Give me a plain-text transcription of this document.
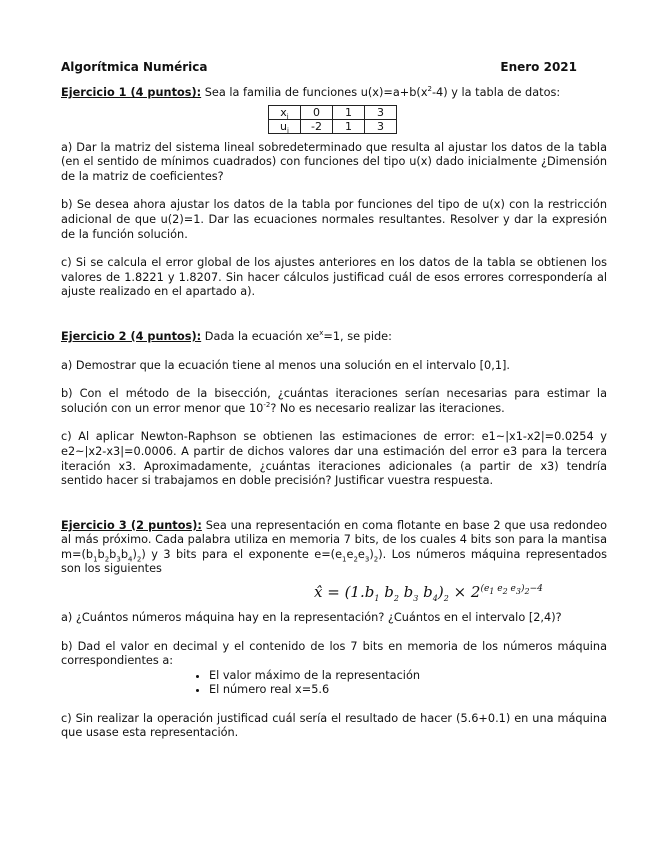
Algorítmica Numérica	Enero 2021

Ejercicio 1 (4 puntos): Sea la familia de funciones $u(x)=a+b(x^2-4)$ y la tabla de datos:

$x_i$	0	1	3
$u_i$	-2	1	3

a) Dar la matriz del sistema lineal sobredeterminado que resulta al ajustar los datos de la tabla (en el sentido de mínimos cuadrados) con funciones del tipo u(x) dado inicialmente ¿Dimensión de la matriz de coeficientes?

b) Se desea ahora ajustar los datos de la tabla por funciones del tipo de u(x) con la restricción adicional de que u(2)=1. Dar las ecuaciones normales resultantes. Resolver y dar la expresión de la función solución.

c) Si se calcula el error global de los ajustes anteriores en los datos de la tabla se obtienen los valores de 1.8221 y 1.8207. Sin hacer cálculos justificad cuál de esos errores correspondería al ajuste realizado en el apartado a).

Ejercicio 2 (4 puntos): Dada la ecuación $xe^x=1$, se pide:

a) Demostrar que la ecuación tiene al menos una solución en el intervalo [0,1].

b) Con el método de la bisección, ¿cuántas iteraciones serían necesarias para estimar la solución con un error menor que $10^{-2}$? No es necesario realizar las iteraciones.

c) Al aplicar Newton-Raphson se obtienen las estimaciones de error: e1~|x1-x2|=0.0254 y e2~|x2-x3|=0.0006. A partir de dichos valores dar una estimación del error e3 para la tercera iteración x3. Aproximadamente, ¿cuántas iteraciones adicionales (a partir de x3) tendría sentido hacer si trabajamos en doble precisión? Justificar vuestra respuesta.

Ejercicio 3 (2 puntos): Sea una representación en coma flotante en base 2 que usa redondeo al más próximo. Cada palabra utiliza en memoria 7 bits, de los cuales 4 bits son para la mantisa $m=(b_1b_2b_3b_4)_2$) y 3 bits para el exponente $e=(e_1e_2e_3)_2$). Los números máquina representados son los siguientes

x̂ = ($1.b_1$ $b_2$ $b_3$ $b_4)_2 \times 2^{(e_1 e_2 e_3)_2-4}$

a) ¿Cuántos números máquina hay en la representación? ¿Cuántos en el intervalo [2,4)?

b) Dad el valor en decimal y el contenido de los 7 bits en memoria de los números máquina correspondientes a:

• El valor máximo de la representación
• El número real x=5.6

c) Sin realizar la operación justificad cuál sería el resultado de hacer (5.6+0.1) en una máquina que usase esta representación.
